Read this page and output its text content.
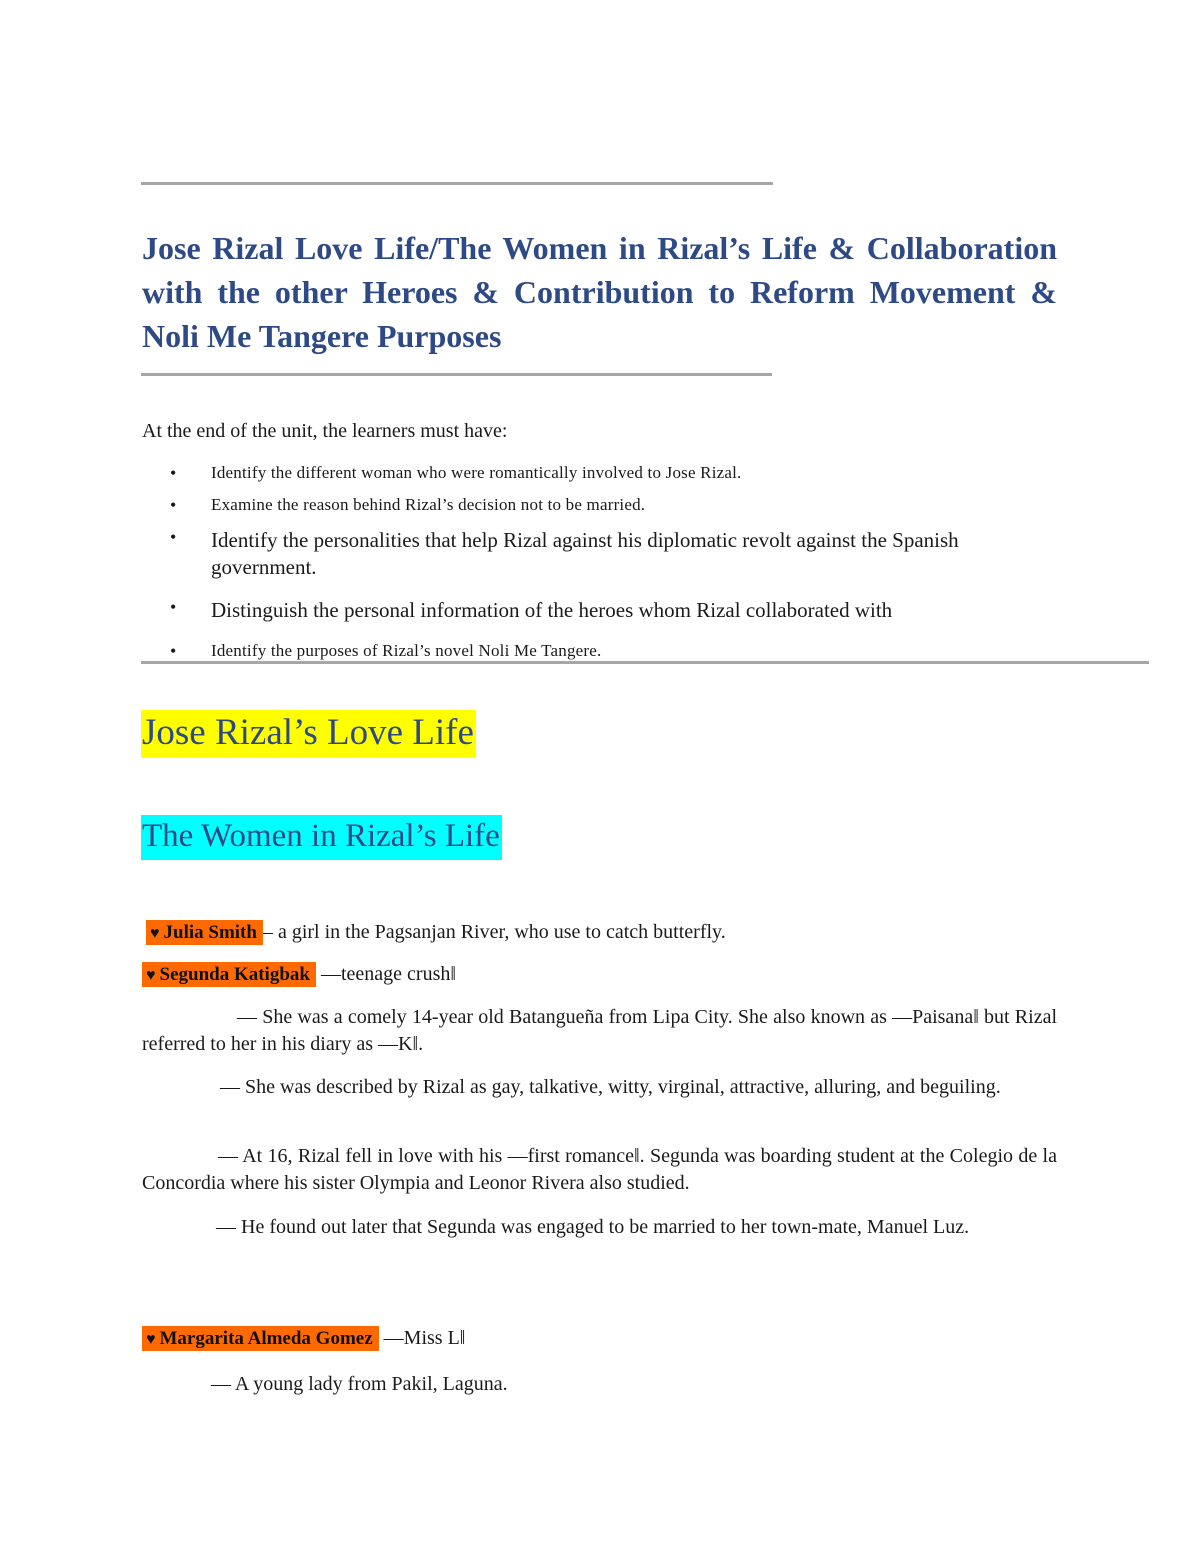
Jose Rizal Love Life/The Women in Rizal’s Life & Collaboration with the other Heroes & Contribution to Reform Movement & Noli Me Tangere Purposes

At the end of the unit, the learners must have:

• Identify the different woman who were romantically involved to Jose Rizal.
• Examine the reason behind Rizal’s decision not to be married.
• Identify the personalities that help Rizal against his diplomatic revolt against the Spanish government.
• Distinguish the personal information of the heroes whom Rizal collaborated with
• Identify the purposes of Rizal’s novel Noli Me Tangere.
Jose Rizal’s Love Life
The Women in Rizal’s Life

♥ Julia Smith – a girl in the Pagsanjan River, who use to catch butterfly.

♥ Segunda Katigbak ―teenage crush‖

― She was a comely 14-year old Batangueña from Lipa City. She also known as ―Paisana‖ but Rizal referred to her in his diary as ―K‖.

― She was described by Rizal as gay, talkative, witty, virginal, attractive, alluring, and beguiling.

― At 16, Rizal fell in love with his ―first romance‖. Segunda was boarding student at the Colegio de la Concordia where his sister Olympia and Leonor Rivera also studied.

― He found out later that Segunda was engaged to be married to her town-mate, Manuel Luz.

♥ Margarita Almeda Gomez ―Miss L‖

― A young lady from Pakil, Laguna.
